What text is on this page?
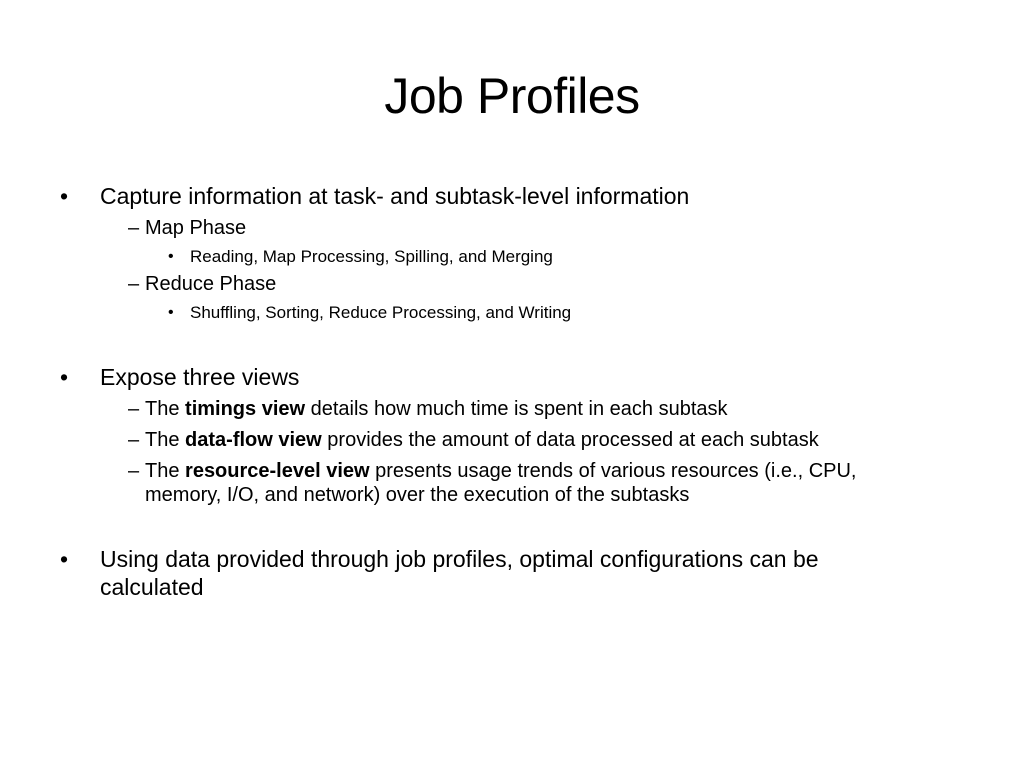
Job Profiles
• Capture information at task- and subtask-level information
– Map Phase
• Reading, Map Processing, Spilling, and Merging
– Reduce Phase
• Shuffling, Sorting, Reduce Processing, and Writing
• Expose three views
– The timings view details how much time is spent in each subtask
– The data-flow view provides the amount of data processed at each subtask
– The resource-level view presents usage trends of various resources (i.e., CPU,
memory, I/O, and network) over the execution of the subtasks
• Using data provided through job profiles, optimal configurations can be
calculated
